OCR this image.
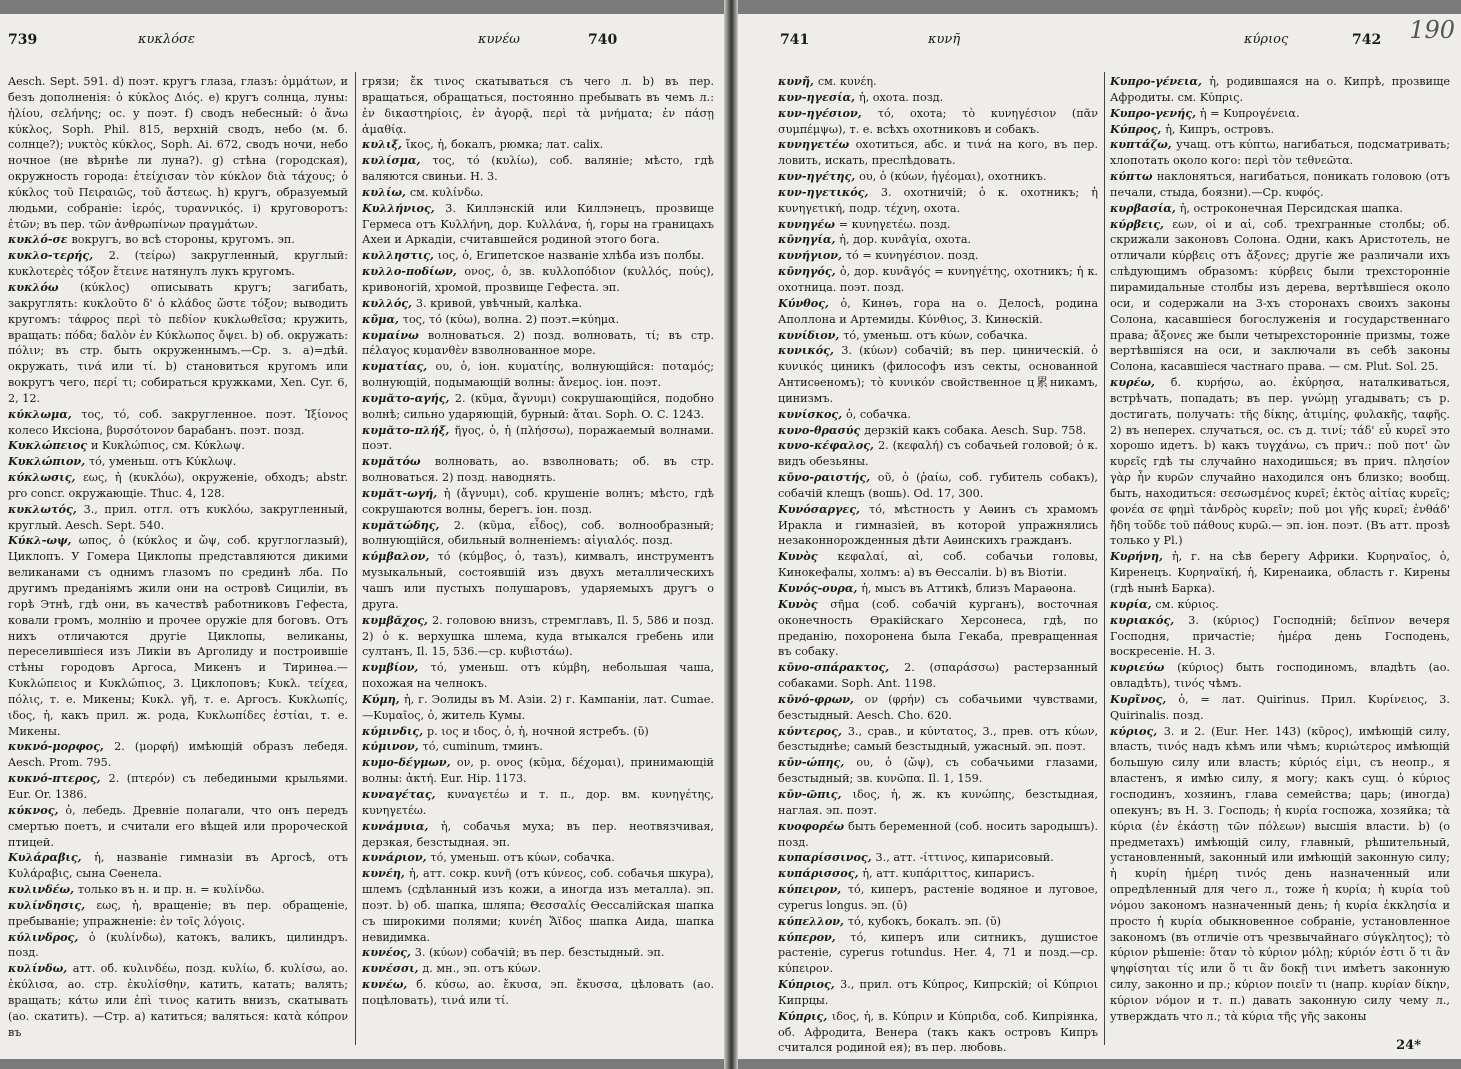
739	κυκλόσε	κυνέω	740

Aesch. Sept. 591. d) поэт. кругъ глаза, глазъ: ὀμμάτων, и безъ дополненія: ὁ κύκλος Διός. e) кругъ солнца, луны: ἡλίου, σελήνης; ос. у поэт. f) сводъ небесный: ὁ ἄνω κύκλος, Soph. Phil. 815, верхній сводъ, небо (м. б. солнце?); νυκτὸς κύκλος, Soph. Ai. 672, сводъ ночи, небо ночное (не вѣрнѣе ли луна?). g) стѣна (городская), окружность города: ἐτείχισαν τὸν κύκλον διὰ τάχους; ὁ κύκλος τοῦ Πειραιῶς, τοῦ ἄστεως. h) кругъ, образуемый людьми, собраніе: ἱερός, τυραννικός. i) круговоротъ: ἐτῶν; въ пер. τῶν ἀνθρωπίνων πραγμάτων.

κυκλό-σε вокругъ, во всѣ стороны, кругомъ. эп.

κυκλο-τερής, 2. (τείρω) закругленный, круглый: κυκλοτερὲς τόξον ἔτεινε натянулъ лукъ кругомъ.

κυκλόω (κύκλος) описывать кругъ; загибать, закруглять: κυκλοῦτο δ' ὁ κλάδος ὥστε τόξον; выводить кругомъ: τάφρος περὶ τὸ πεδίον κυκλωθεῖσα; кружить, вращать: πόδα; δαλὸν ἐν Κύκλωπος ὄψει. b) об. окружать: πόλιν; въ стр. быть окруженнымъ.—Ср. з. а)=дѣй. окружать, τινά или τί. b) становиться кругомъ или вокругъ чего, περί τι; собираться кружками, Xen. Cyr. 6, 2, 12.

κύκλωμα, τος, τό, соб. закругленное. поэт. Ἰξίονος колесо Иксіона, βυρσότονον барабанъ. поэт. позд.

Κυκλώπειος и Κυκλώπιος, см. Κύκλωψ.

Κυκλώπιον, τό, уменьш. отъ Κύκλωψ.

κύκλωσις, εως, ἡ (κυκλόω), окруженіе, обходъ; abstr. pro concr. окружающіе. Thuc. 4, 128.

κυκλωτός, 3., прил. отгл. отъ κυκλόω, закругленный, круглый. Aesch. Sept. 540.

Κύκλ-ωψ, ωπος, ὁ (κύκλος и ὤψ, соб. круглоглазый), Циклопъ. У Гомера Циклопы представляются дикими великанами съ однимъ глазомъ по срединѣ лба. По другимъ преданіямъ жили они на островѣ Сициліи, въ горѣ Этнѣ, гдѣ они, въ качествѣ работниковъ Гефеста, ковали громъ, молнію и прочее оружіе для боговъ. Отъ нихъ отличаются другіе Циклопы, великаны, переселившіеся изъ Ликіи въ Арголиду и построившіе стѣны городовъ Аргоса, Микенъ и Тиринѳа.— Κυκλώπειος и Κυκλώπιος, 3. Циклоповъ; Κυκλ. τείχεα, πόλις, т. е. Микены; Κυκλ. γῆ, т. е. Аргосъ. Κυκλωπίς, ιδος, ἡ, какъ прил. ж. рода, Κυκλωπίδες ἑστίαι, т. е. Микены.

κυκνό-μορφος, 2. (μορφή) имѣющій образъ лебедя. Aesch. Prom. 795.

κυκνό-πτερος, 2. (πτερόν) съ лебедиными крыльями. Eur. Or. 1386.

κύκνος, ὁ, лебедь. Древніе полагали, что онъ передъ смертью поетъ, и считали его вѣщей или пророческой птицей.

Κυλάραβις, ἡ, названіе гимназіи въ Аргосѣ, отъ Κυλάραβις, сына Сѳенела.

κυλινδέω, только въ н. и пр. н. = κυλίνδω.

κυλίνδησις, εως, ἡ, вращеніе; въ пер. обращеніе, пребываніе; упражненіе: ἐν τοῖς λόγοις.

κύλινδρος, ὁ (κυλίνδω), катокъ, валикъ, цилиндръ. позд.

κυλίνδω, атт. об. κυλινδέω, позд. κυλίω, б. κυλίσω, ао. ἐκύλισα, ао. стр. ἐκυλίσθην, катить, катать; валять; вращать; κάτω или ἐπὶ τινος катить внизъ, скатывать (ао. скатить). —Стр. а) катиться; валяться: κατὰ κόπρον въ

грязи; ἔκ τινος скатываться съ чего л. b) въ пер. вращаться, обращаться, постоянно пребывать въ чемъ л.: ἐν δικαστηρίοις, ἐν ἀγορᾷ, περὶ τὰ μνήματα; ἐν πάσῃ ἀμαθίᾳ.

κυλιξ, ἴκος, ἡ, бокалъ, рюмка; лат. calix.

κυλίσμα, τος, τό (κυλίω), соб. валяніе; мѣсто, гдѣ валяются свиньи. Н. 3.

κυλίω, см. κυλίνδω.

Κυλλήνιος, 3. Киллэнскій или Киллэнецъ, прозвище Гермеса отъ Κυλλήνη, дор. Κυλλάνα, ἡ, горы на границахъ Ахеи и Аркадіи, считавшейся родиной этого бога.

κυλληστις, ιος, ὁ, Египетское названіе хлѣба изъ полбы.

κυλλο-ποδίων, ονος, ὁ, зв. κυλλοπόδιον (κυλλός, πούς), кривоногій, хромой, прозвище Гефеста. эп.

κυλλός, 3. кривой, увѣчный, калѣка.

κῦμα, τος, τό (κύω), волна. 2) поэт.=κύημα.

κυμαίνω волноваться. 2) позд. волновать, τί; въ стр. πέλαγος κυμανθὲν взволнованное море.

κυματίας, ου, ὁ, іон. κυματίης, волнующійся: ποταμός; волнующій, подымающій волны: ἄνεμος. іон. поэт.

κυμᾰτο-αγής, 2. (κῦμα, ἄγνυμι) сокрушающійся, подобно волнѣ; сильно ударяющій, бурный: ἄται. Soph. O. C. 1243.

κυμᾰτο-πλήξ, ῆγος, ὁ, ἡ (πλήσσω), поражаемый волнами. поэт.

κυμᾰτόω волновать, ао. взволновать; об. въ стр. волноваться. 2) позд. наводнять.

κυμᾰτ-ωγή, ἡ (ἄγνυμι), соб. крушеніе волнъ; мѣсто, гдѣ сокрушаются волны, берегъ. іон. позд.

κυμᾰτώδης, 2. (κῦμα, εἶδος), соб. волнообразный; волнующійся, обильный волненіемъ: αἰγιαλός. позд.

κύμβαλον, τό (κύμβος, ὁ, тазъ), кимвалъ, инструментъ музыкальный, состоявшій изъ двухъ металлическихъ чашъ или пустыхъ полушаровъ, ударяемыхъ другъ о друга.

κυμβᾰχος, 2. головою внизъ, стремглавъ, Il. 5, 586 и позд. 2) ὁ κ. верхушка шлема, куда втыкался гребень или султанъ, Il. 15, 536.—ср. κυβιστάω).

κυμβίον, τό, уменьш. отъ κύμβη, небольшая чаша, похожая на челнокъ.

Κύμη, ἡ, г. Эолиды въ М. Азіи. 2) г. Кампаніи, лат. Cumae.—Κυμαῖος, ὁ, житель Кумы.

κύμινδις, р. ιος и ιδος, ὁ, ἡ, ночной ястребъ. (ῡ)

κύμινον, τό, cuminum, тминъ.

κυμο-δέγμων, ον, р. ονος (κῦμα, δέχομαι), принимающій волны: ἀκτή. Eur. Hip. 1173.

κυναγέτας, κυναγετέω и т. п., дор. вм. κυνηγέτης, κυνηγετέω.

κυνάμυια, ἡ, собачья муха; въ пер. неотвязчивая, дерзкая, безстыдная. эп.

κυνάριον, τό, уменьш. отъ κύων, собачка.

κυνέη, ἡ, атт. сокр. κυνῆ (отъ κύνεος, соб. собачья шкура), шлемъ (сдѣланный изъ кожи, а иногда изъ металла). эп. поэт. b) об. шапка, шляпа; Θεσσαλίς Ѳессалійская шапка съ широкими полями; κυνέη Ἄϊδος шапка Аида, шапка невидимка.

κυνέος, 3. (κύων) собачій; въ пер. безстыдный. эп.

κυνέσσι, д. мн., эп. отъ κύων.

κυνέω, б. κύσω, ао. ἔκυσα, эп. ἔκυσσα, цѣловать (ао. поцѣловать), τινά или τί.

741	κυνῆ	κύριος	742 190

κυνῆ, см. κυνέη.

κυν-ηγεσία, ἡ, охота. позд.

κυν-ηγέσιον, τό, охота; τὸ κυνηγέσιον (πᾶν συμπέμψω), т. е. всѣхъ охотниковъ и собакъ.

κυνηγετέω охотиться, абс. и τινά на кого, въ пер. ловить, искать, преслѣдовать.

κυν-ηγέτης, ου, ὁ (κύων, ἡγέομαι), охотникъ.

κυν-ηγετικός, 3. охотничій; ὁ κ. охотникъ; ἡ κυνηγετική, подр. τέχνη, охота.

κυνηγέω = κυνηγετέω. позд.

κῡνηγία, ἡ, дор. κυνᾱγία, охота.

κυνήγιον, τό = κυνηγέσιον. позд.

κῡνηγός, ὁ, дор. κυνᾱγός = κυνηγέτης, охотникъ; ἡ κ. охотница. поэт. позд.

Κύνθος, ὁ, Кинѳъ, гора на о. Делосѣ, родина Аполлона и Артемиды. Κύνθιος, 3. Кинѳскій.

κυνίδιον, τό, уменьш. отъ κύων, собачка.

κυνικός, 3. (κύων) собачій; въ пер. циническій. ὁ κυνικός циникъ (философъ изъ секты, основанной Антисѳеномъ); τὸ κυνικόν свойственное ц累никамъ, цинизмъ.

κυνίσκος, ὁ, собачка.

κυνο-θρασύς дерзкій какъ собака. Aesch. Sup. 758.

κυνο-κέφαλος, 2. (κεφαλή) съ собачьей головой; ὁ κ. видъ обезьяны.

κῡνο-ραιστής, οῦ, ὁ (ῥαίω, соб. губитель собакъ), собачій клещъ (вошь). Od. 17, 300.

Κυνόσαργες, τό, мѣстность у Аѳинъ съ храмомъ Иракла и гимназіей, въ которой упражнялись незаконнорожденныя дѣти Аѳинскихъ гражданъ.

Κυνὸς κεφαλαί, αἱ, соб. собачьи головы, Кинокефалы, холмъ: а) въ Ѳессаліи. b) въ Віотіи.

Κυνός-ουρα, ἡ, мысъ въ Аттикѣ, близъ Мараѳона.

Κυνὸς σῆμα (соб. собачій курганъ), восточная оконечность Ѳракійскаго Херсонеса, гдѣ, по преданію, похоронена была Гекаба, превращенная въ собаку.

κῡνο-σπάρακτος, 2. (σπαράσσω) растерзанный собаками. Soph. Ant. 1198.

κῡνό-φρων, ον (φρήν) съ собачьими чувствами, безстыдный. Aesch. Cho. 620.

κύντερος, 3., срав., и κύντατος, 3., прев. отъ κύων, безстыднѣе; самый безстыдный, ужасный. эп. поэт.

κῡν-ώπης, ου, ὁ (ὤψ), съ собачьими глазами, безстыдный; зв. κυνῶπα. Il. 1, 159.

κῡν-ῶπις, ιδος, ἡ, ж. къ κυνώπης, безстыдная, наглая. эп. поэт.

κυοφορέω быть беременной (соб. носить зародышъ). позд.

κυπαρίσσινος, 3., атт. -ίττινος, кипарисовый.

κυπάρισσος, ἡ, атт. κυπάριττος, кипарисъ.

κύπειρον, τό, киперъ, растеніе водяное и луговое, cyperus longus. эп. (ῡ)

κύπελλον, τό, кубокъ, бокалъ. эп. (ῡ)

κύπερον, τό, киперъ или ситникъ, душистое растеніе, cyperus rotundus. Her. 4, 71 и позд.—ср. κύπειρον.

Κύπριος, 3., прил. отъ Κύπρος, Кипрскій; οἱ Κύπριοι Кипрцы.

Κύπρις, ιδος, ἡ, в. Κύπριν и Κύπριδα, соб. Кипріянка, об. Афродита, Венера (такъ какъ островъ Кипръ считался родиной ея); въ пер. любовь.

Κυπρο-γένεια, ἡ, родившаяся на о. Кипрѣ, прозвище Афродиты. см. Κύπρις.

Κυπρο-γενής, ἡ = Κυπρογένεια.

Κύπρος, ἡ, Кипръ, островъ.

κυπτάζω, учащ. отъ κύπτω, нагибаться, подсматривать; хлопотать около кого: περὶ τὸν τεθνεῶτα.

κύπτω наклоняться, нагибаться, поникать головою (отъ печали, стыда, боязни).—Ср. κυφός.

κυρβασία, ἡ, остроконечная Персидская шапка.

κύρβεις, εων, οἱ и αἱ, соб. трехгранные столбы; об. скрижали законовъ Солона. Одни, какъ Аристотель, не отличали κύρβεις отъ ἄξονες; другіе же различали ихъ слѣдующимъ образомъ: κύρβεις были трехсторонніе пирамидальные столбы изъ дерева, вертѣвшіеся около оси, и содержали на 3-хъ сторонахъ своихъ законы Солона, касавшіеся богослуженія и государственнаго права; ἄξονες же были четырехсторонніе призмы, тоже вертѣвшіяся на оси, и заключали въ себѣ законы Солона, касавшіеся частнаго права. — см. Plut. Sol. 25.

κυρέω, б. κυρήσω, ао. ἐκύρησα, наталкиваться, встрѣчать, попадать; въ пер. γνώμῃ угадывать; съ р. достигать, получать: τῆς δίκης, ἀτιμίης, φυλακῆς, ταφῆς. 2) въ неперех. случаться, ос. съ д. τινί; τάδ' εὖ κυρεῖ это хорошо идетъ. b) какъ τυγχάνω, съ прич.: ποῦ ποτ' ὢν κυρεῖς гдѣ ты случайно находишься; въ прич. πλησίον γὰρ ἦν κυρῶν случайно находился онъ близко; вообщ. быть, находиться: σεσωσμένος κυρεῖ; ἐκτὸς αἰτίας κυρεῖς; φονέα σε φημὶ τἀνδρὸς κυρεῖν; ποῦ μοι γῆς κυρεῖ; ἐνθάδ' ἤδη τοὔδε τοῦ πάθους κυρῶ.— эп. іон. поэт. (Въ атт. прозѣ только у Pl.)

Κυρήνη, ἡ, г. на сѣв берегу Африки. Κυρηναῖος, ὁ, Киренецъ. Κυρηναϊκή, ἡ, Киренаика, область г. Кирены (гдѣ нынѣ Барка).

κυρία, см. κύριος.

κυριακός, 3. (κύριος) Господній; δεῖπνον вечеря Господня, причастіе; ἡμέρα день Господень, воскресеніе. Н. 3.

κυριεύω (κύριος) быть господиномъ, владѣть (ао. овладѣть), τινός чѣмъ.

Κυρῖνος, ὁ, = лат. Quirinus. Прил. Κυρίνειος, 3. Quirinalis. позд.

κύριος, 3. и 2. (Eur. Her. 143) (κῦρος), имѣющій силу, власть, τινός надъ кѣмъ или чѣмъ; κυριώτερος имѣющій большую силу или власть; κύριός εἰμι, съ неопр., я властенъ, я имѣю силу, я могу; какъ сущ. ὁ κύριος господинъ, хозяинъ, глава семейства; царь; (иногда) опекунъ; въ Н. З. Господь; ἡ κυρία госпожа, хозяйка; τὰ κύρια (ἐν ἑκάστῃ τῶν πόλεων) высшія власти. b) (о предметахъ) имѣющій силу, главный, рѣшительный, установленный, законный или имѣющій законную силу; ἡ κυρίη ἡμέρη τινός день назначенный или опредѣленный для чего л., тоже ἡ κυρία; ἡ κυρία τοῦ νόμου закономъ назначенный день; ἡ κυρία ἐκκλησία и просто ἡ κυρία обыкновенное собраніе, установленное закономъ (въ отличіе отъ чрезвычайнаго σύγκλητος); τὸ κύριον рѣшеніе: ὅταν τὸ κύριον μόλῃ; κύριόν ἐστι ὅ τι ἂν ψηφίσηται τίς или ὅ τι ἂν δοκῇ τινι имѣетъ законную силу, законно и пр.; κύριον ποιεῖν τι (напр. κυρίαν δίκην, κύριον νόμον и т. п.) давать законную силу чему л., утверждать что л.; τὰ κύρια τῆς γῆς законы

24*
